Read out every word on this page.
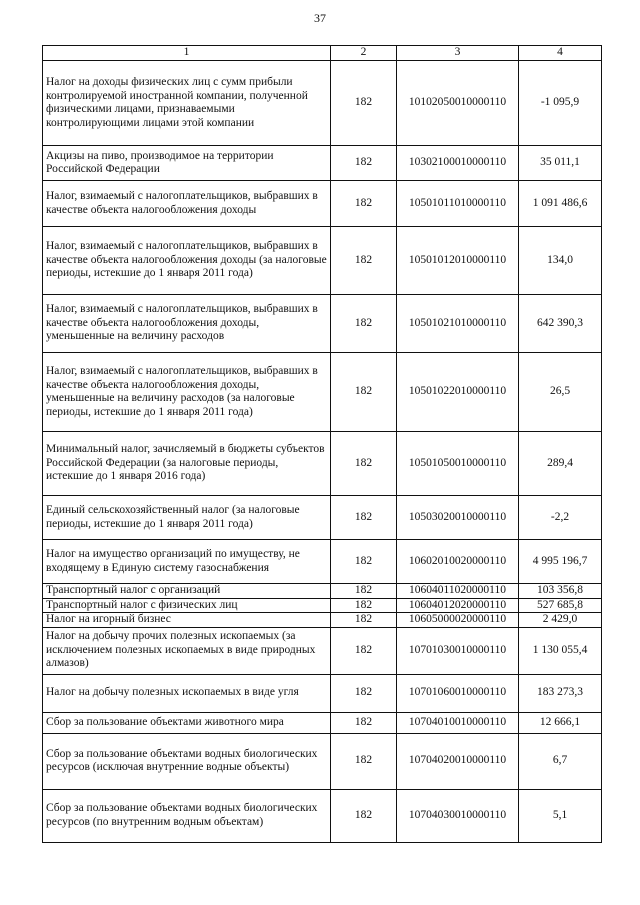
37
1	2	3	4
Налог на доходы физических лиц с сумм прибыли контролируемой иностранной компании, полученной физическими лицами, признаваемыми контролирующими лицами этой компании	182	10102050010000110	-1 095,9
Акцизы на пиво, производимое на территории Российской Федерации	182	10302100010000110	35 011,1
Налог, взимаемый с налогоплательщиков, выбравших в качестве объекта налогообложения доходы	182	10501011010000110	1 091 486,6
Налог, взимаемый с налогоплательщиков, выбравших в качестве объекта налогообложения доходы (за налоговые периоды, истекшие до 1 января 2011 года)	182	10501012010000110	134,0
Налог, взимаемый с налогоплательщиков, выбравших в качестве объекта налогообложения доходы, уменьшенные на величину расходов	182	10501021010000110	642 390,3
Налог, взимаемый с налогоплательщиков, выбравших в качестве объекта налогообложения доходы, уменьшенные на величину расходов (за налоговые периоды, истекшие до 1 января 2011 года)	182	10501022010000110	26,5
Минимальный налог, зачисляемый в бюджеты субъектов Российской Федерации (за налоговые периоды, истекшие до 1 января 2016 года)	182	10501050010000110	289,4
Единый сельскохозяйственный налог (за налоговые периоды, истекшие до 1 января 2011 года)	182	10503020010000110	-2,2
Налог на имущество организаций по имуществу, не входящему в Единую систему газоснабжения	182	10602010020000110	4 995 196,7
Транспортный налог с организаций	182	10604011020000110	103 356,8
Транспортный налог с физических лиц	182	10604012020000110	527 685,8
Налог на игорный бизнес	182	10605000020000110	2 429,0
Налог на добычу прочих полезных ископаемых (за исключением полезных ископаемых в виде природных алмазов)	182	10701030010000110	1 130 055,4
Налог на добычу полезных ископаемых в виде угля	182	10701060010000110	183 273,3
Сбор за пользование объектами животного мира	182	10704010010000110	12 666,1
Сбор за пользование объектами водных биологических ресурсов (исключая внутренние водные объекты)	182	10704020010000110	6,7
Сбор за пользование объектами водных биологических ресурсов (по внутренним водным объектам)	182	10704030010000110	5,1
